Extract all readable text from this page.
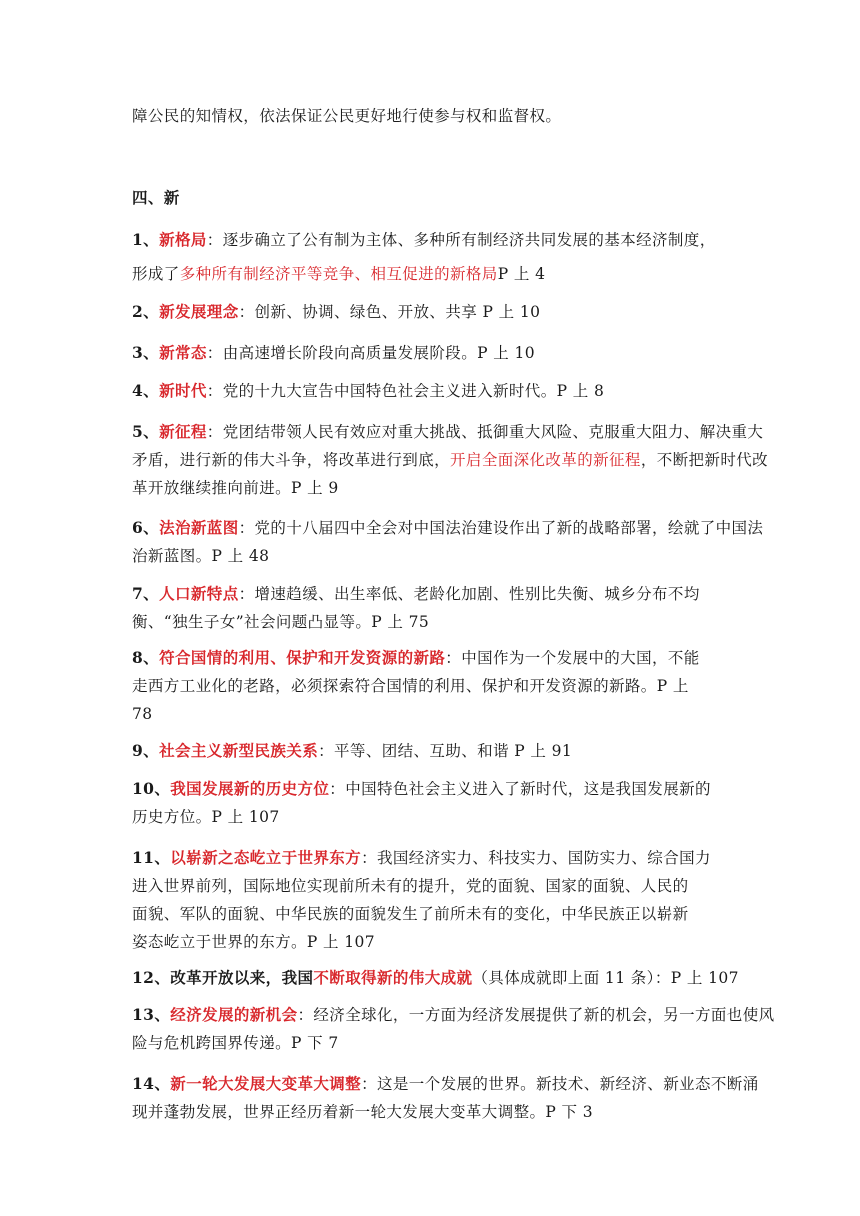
障公民的知情权，依法保证公民更好地行使参与权和监督权。
四、新
1、新格局：逐步确立了公有制为主体、多种所有制经济共同发展的基本经济制度，
形成了多种所有制经济平等竞争、相互促进的新格局P 上 4
2、新发展理念：创新、协调、绿色、开放、共享 P 上 10
3、新常态：由高速增长阶段向高质量发展阶段。P 上 10
4、新时代：党的十九大宣告中国特色社会主义进入新时代。P 上 8
5、新征程：党团结带领人民有效应对重大挑战、抵御重大风险、克服重大阻力、解决重大
矛盾，进行新的伟大斗争，将改革进行到底，开启全面深化改革的新征程，不断把新时代改
革开放继续推向前进。P 上 9
6、法治新蓝图：党的十八届四中全会对中国法治建设作出了新的战略部署，绘就了中国法
治新蓝图。P 上 48
7、人口新特点：增速趋缓、出生率低、老龄化加剧、性别比失衡、城乡分布不均
衡、“独生子女”社会问题凸显等。P 上 75
8、符合国情的利用、保护和开发资源的新路：中国作为一个发展中的大国，不能
走西方工业化的老路，必须探索符合国情的利用、保护和开发资源的新路。P 上
78
9、社会主义新型民族关系：平等、团结、互助、和谐 P 上 91
10、我国发展新的历史方位：中国特色社会主义进入了新时代，这是我国发展新的
历史方位。P 上 107
11、以崭新之态屹立于世界东方：我国经济实力、科技实力、国防实力、综合国力
进入世界前列，国际地位实现前所未有的提升，党的面貌、国家的面貌、人民的
面貌、军队的面貌、中华民族的面貌发生了前所未有的变化，中华民族正以崭新
姿态屹立于世界的东方。P 上 107
12、改革开放以来，我国不断取得新的伟大成就（具体成就即上面 11 条）：P 上 107
13、经济发展的新机会：经济全球化，一方面为经济发展提供了新的机会，另一方面也使风
险与危机跨国界传递。P 下 7
14、新一轮大发展大变革大调整：这是一个发展的世界。新技术、新经济、新业态不断涌
现并蓬勃发展，世界正经历着新一轮大发展大变革大调整。P 下 3
